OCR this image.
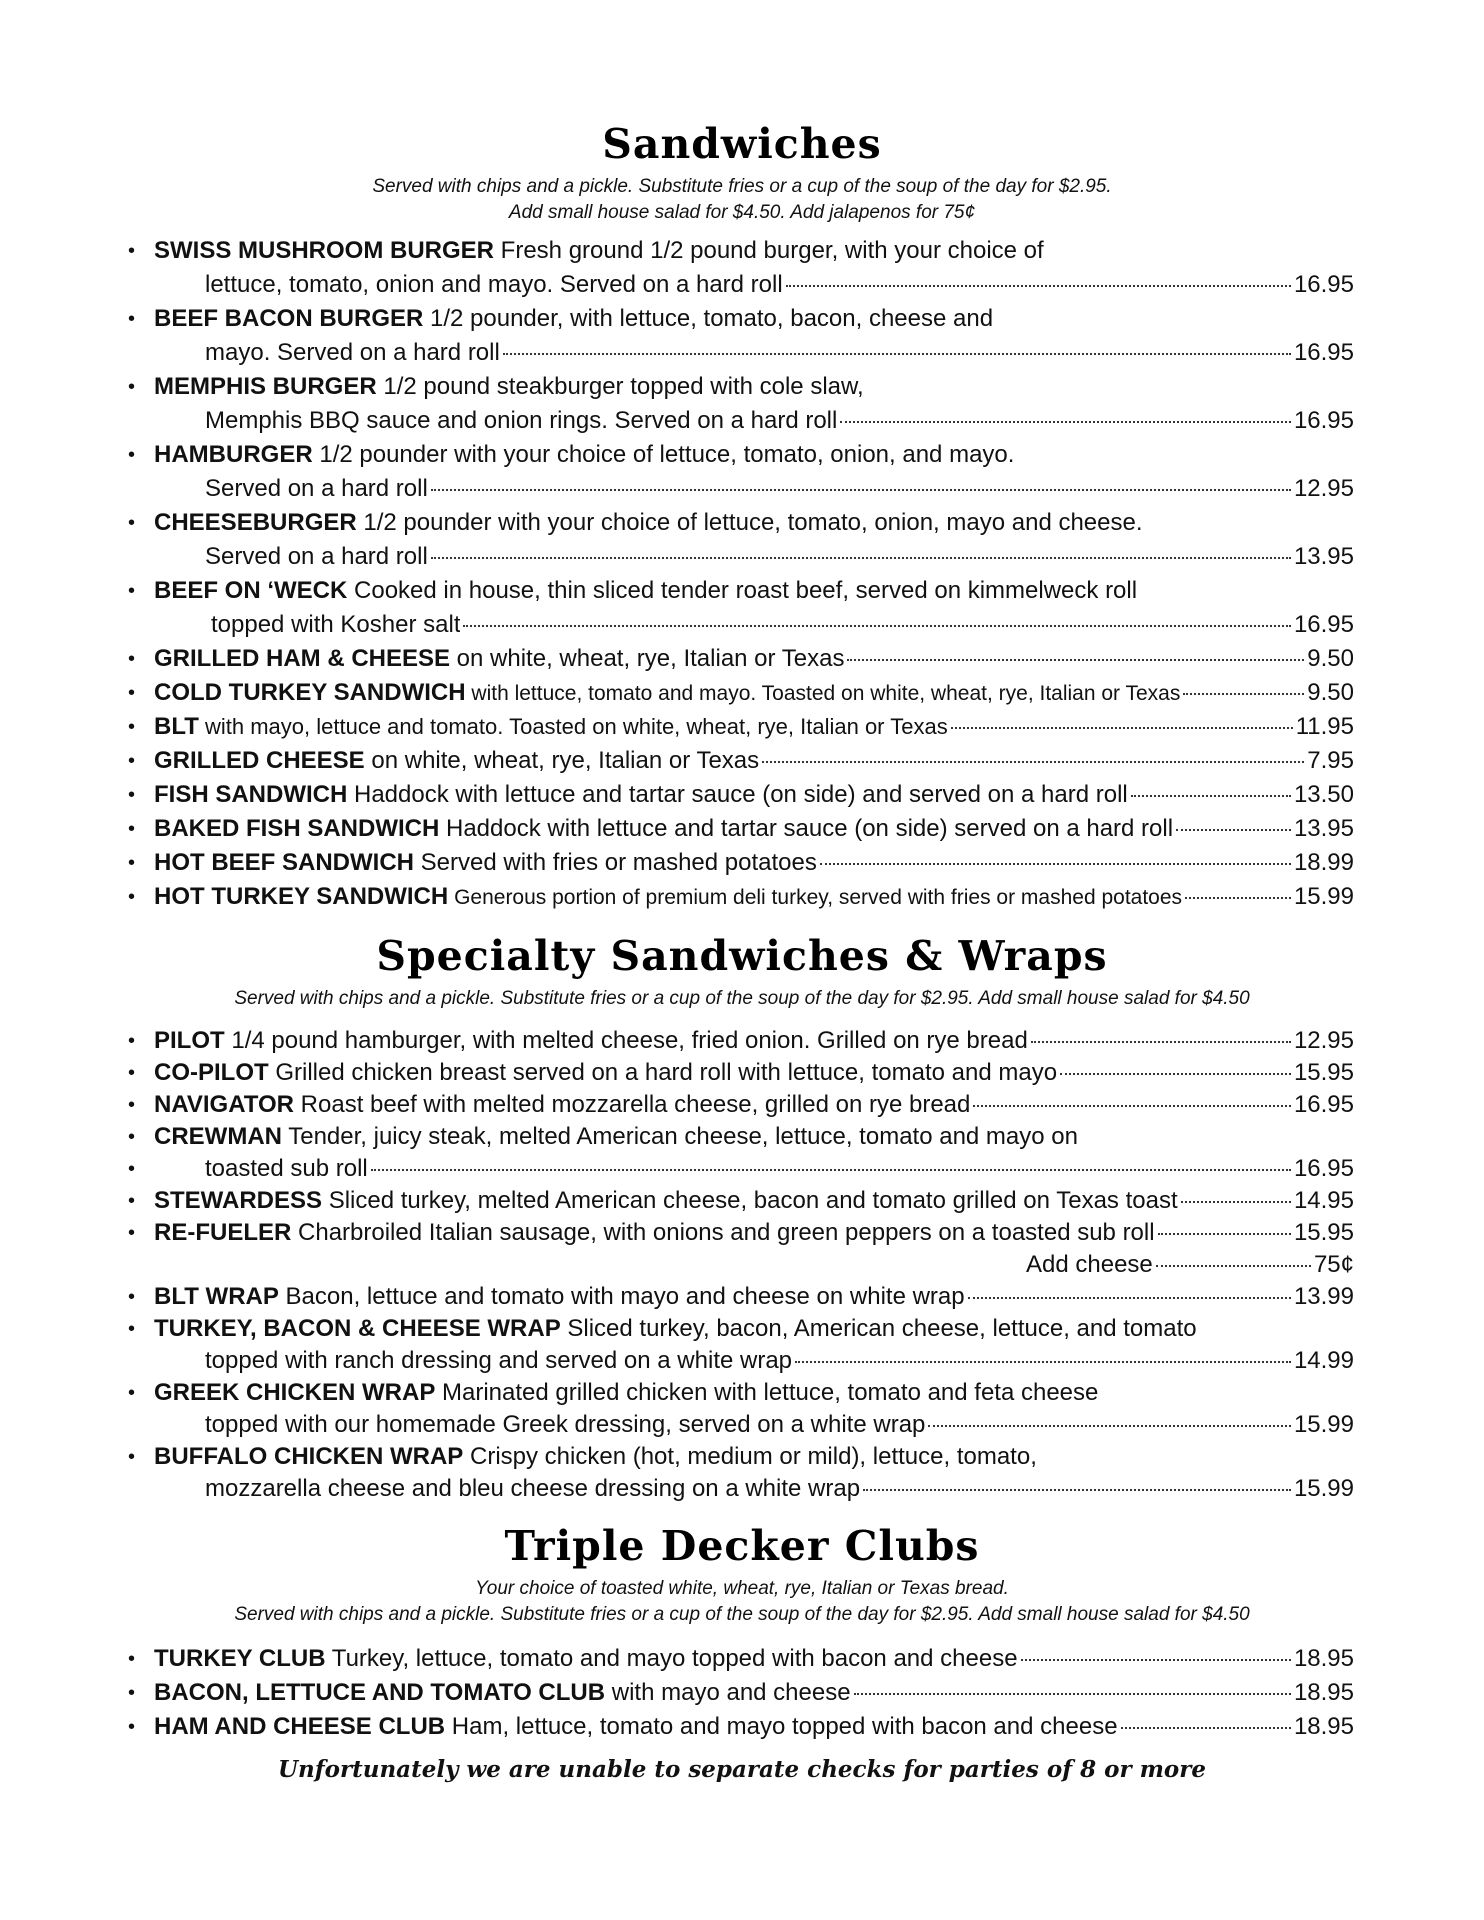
Sandwiches

Served with chips and a pickle. Substitute fries or a cup of the soup of the day for $2.95.

Add small house salad for $4.50. Add jalapenos for 75¢

• SWISS MUSHROOM BURGER Fresh ground 1/2 pound burger, with your choice of
lettuce, tomato, onion and mayo. Served on a hard roll	16.95
• BEEF BACON BURGER 1/2 pounder, with lettuce, tomato, bacon, cheese and
mayo. Served on a hard roll	16.95
• MEMPHIS BURGER 1/2 pound steakburger topped with cole slaw,
Memphis BBQ sauce and onion rings. Served on a hard roll	16.95
• HAMBURGER 1/2 pounder with your choice of lettuce, tomato, onion, and mayo.
Served on a hard roll	12.95
• CHEESEBURGER 1/2 pounder with your choice of lettuce, tomato, onion, mayo and cheese.
Served on a hard roll	13.95
• BEEF ON ‘WECK Cooked in house, thin sliced tender roast beef, served on kimmelweck roll
topped with Kosher salt	16.95
• GRILLED HAM & CHEESE on white, wheat, rye, Italian or Texas	9.50
• COLD TURKEY SANDWICH with lettuce, tomato and mayo. Toasted on white, wheat, rye, Italian or Texas	9.50
• BLT with mayo, lettuce and tomato. Toasted on white, wheat, rye, Italian or Texas	11.95
• GRILLED CHEESE on white, wheat, rye, Italian or Texas	7.95
• FISH SANDWICH Haddock with lettuce and tartar sauce (on side) and served on a hard roll	13.50
• BAKED FISH SANDWICH Haddock with lettuce and tartar sauce (on side) served on a hard roll	13.95
• HOT BEEF SANDWICH Served with fries or mashed potatoes	18.99
• HOT TURKEY SANDWICH Generous portion of premium deli turkey, served with fries or mashed potatoes	15.99
Specialty Sandwiches & Wraps

Served with chips and a pickle. Substitute fries or a cup of the soup of the day for $2.95. Add small house salad for $4.50

• PILOT 1/4 pound hamburger, with melted cheese, fried onion. Grilled on rye bread	12.95
• CO-PILOT Grilled chicken breast served on a hard roll with lettuce, tomato and mayo	15.95
• NAVIGATOR Roast beef with melted mozzarella cheese, grilled on rye bread	16.95
• CREWMAN Tender, juicy steak, melted American cheese, lettuce, tomato and mayo on
•	toasted sub roll	16.95
• STEWARDESS Sliced turkey, melted American cheese, bacon and tomato grilled on Texas toast	14.95
• RE-FUELER Charbroiled Italian sausage, with onions and green peppers on a toasted sub roll	15.95
Add cheese	75¢
• BLT WRAP Bacon, lettuce and tomato with mayo and cheese on white wrap	13.99
• TURKEY, BACON & CHEESE WRAP Sliced turkey, bacon, American cheese, lettuce, and tomato
topped with ranch dressing and served on a white wrap	14.99
• GREEK CHICKEN WRAP Marinated grilled chicken with lettuce, tomato and feta cheese
topped with our homemade Greek dressing, served on a white wrap	15.99
• BUFFALO CHICKEN WRAP Crispy chicken (hot, medium or mild), lettuce, tomato,
mozzarella cheese and bleu cheese dressing on a white wrap	15.99
Triple Decker Clubs

Your choice of toasted white, wheat, rye, Italian or Texas bread.

Served with chips and a pickle. Substitute fries or a cup of the soup of the day for $2.95. Add small house salad for $4.50

• TURKEY CLUB Turkey, lettuce, tomato and mayo topped with bacon and cheese	18.95
• BACON, LETTUCE AND TOMATO CLUB with mayo and cheese	18.95
• HAM AND CHEESE CLUB Ham, lettuce, tomato and mayo topped with bacon and cheese	18.95

Unfortunately we are unable to separate checks for parties of 8 or more
